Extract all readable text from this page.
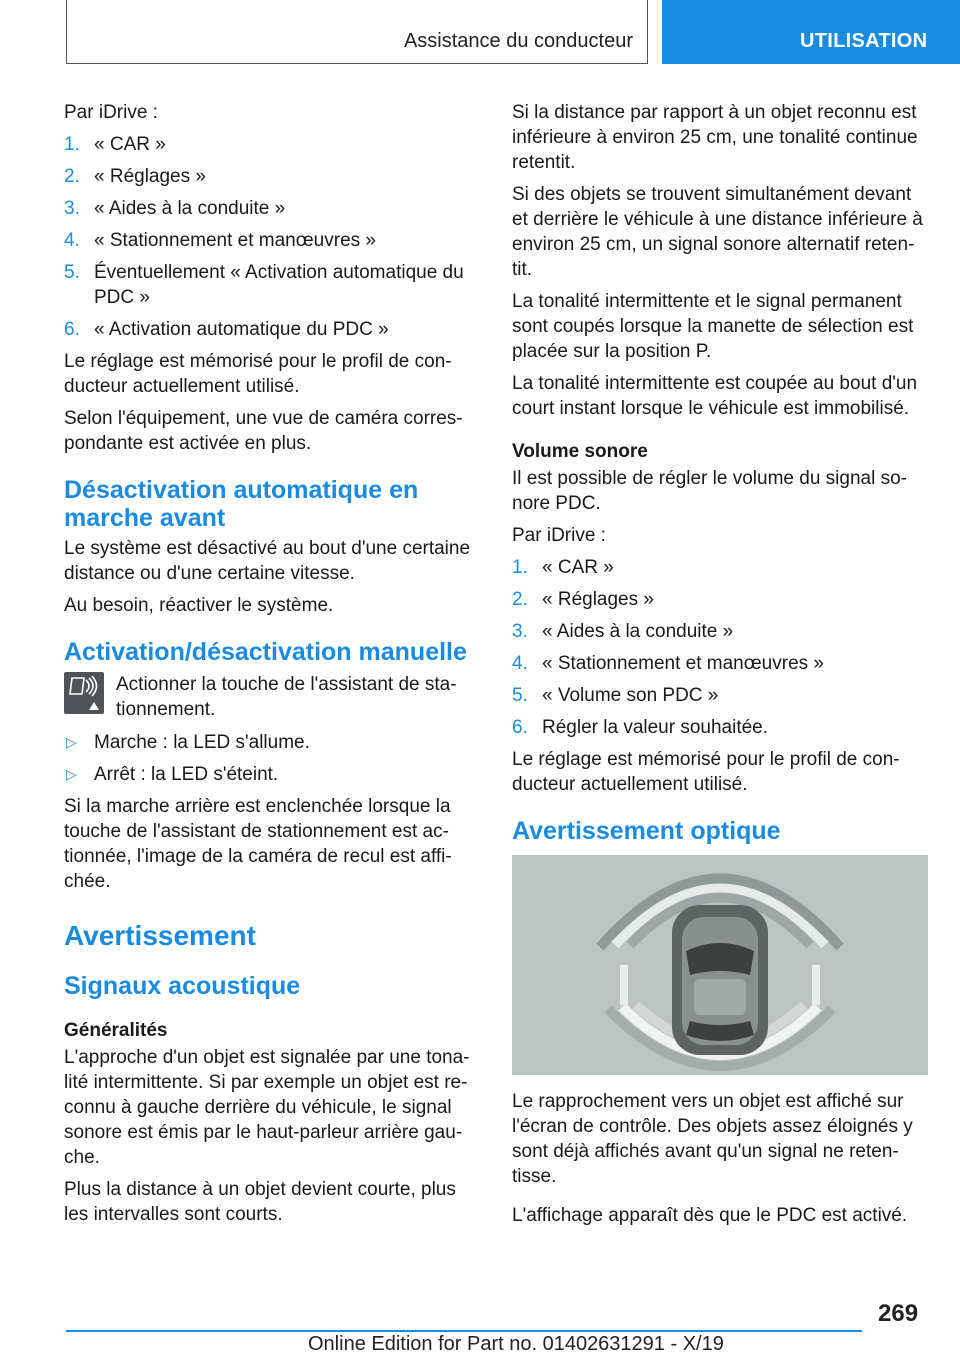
Assistance du conducteur	UTILISATION

Par iDrive :

1. « CAR »
2. « Réglages »
3. « Aides à la conduite »
4. « Stationnement et manœuvres »
5. Éventuellement « Activation automatique du PDC »
6. « Activation automatique du PDC »

Le réglage est mémorisé pour le profil de conducteur actuellement utilisé.

Selon l'équipement, une vue de caméra correspondante est activée en plus.

Désactivation automatique en marche avant

Le système est désactivé au bout d'une certaine distance ou d'une certaine vitesse.

Au besoin, réactiver le système.

Activation/désactivation manuelle
Actionner la touche de l'assistant de stationnement.
▷ Marche : la LED s'allume.
▷ Arrêt : la LED s'éteint.

Si la marche arrière est enclenchée lorsque la touche de l'assistant de stationnement est actionnée, l'image de la caméra de recul est affichée.

Avertissement
Signaux acoustique
Généralités

L'approche d'un objet est signalée par une tonalité intermittente. Si par exemple un objet est reconnu à gauche derrière du véhicule, le signal sonore est émis par le haut-parleur arrière gauche.

Plus la distance à un objet devient courte, plus les intervalles sont courts.

Si la distance par rapport à un objet reconnu est inférieure à environ 25 cm, une tonalité continue retentit.

Si des objets se trouvent simultanément devant et derrière le véhicule à une distance inférieure à environ 25 cm, un signal sonore alternatif retentit.

La tonalité intermittente et le signal permanent sont coupés lorsque la manette de sélection est placée sur la position P.

La tonalité intermittente est coupée au bout d'un court instant lorsque le véhicule est immobilisé.

Volume sonore

Il est possible de régler le volume du signal sonore PDC.

Par iDrive :

1. « CAR »
2. « Réglages »
3. « Aides à la conduite »
4. « Stationnement et manœuvres »
5. « Volume son PDC »
6. Régler la valeur souhaitée.

Le réglage est mémorisé pour le profil de conducteur actuellement utilisé.

Avertissement optique

Le rapprochement vers un objet est affiché sur l'écran de contrôle. Des objets assez éloignés y sont déjà affichés avant qu'un signal ne retentisse.

L'affichage apparaît dès que le PDC est activé.

269
Online Edition for Part no. 01402631291 - X/19
